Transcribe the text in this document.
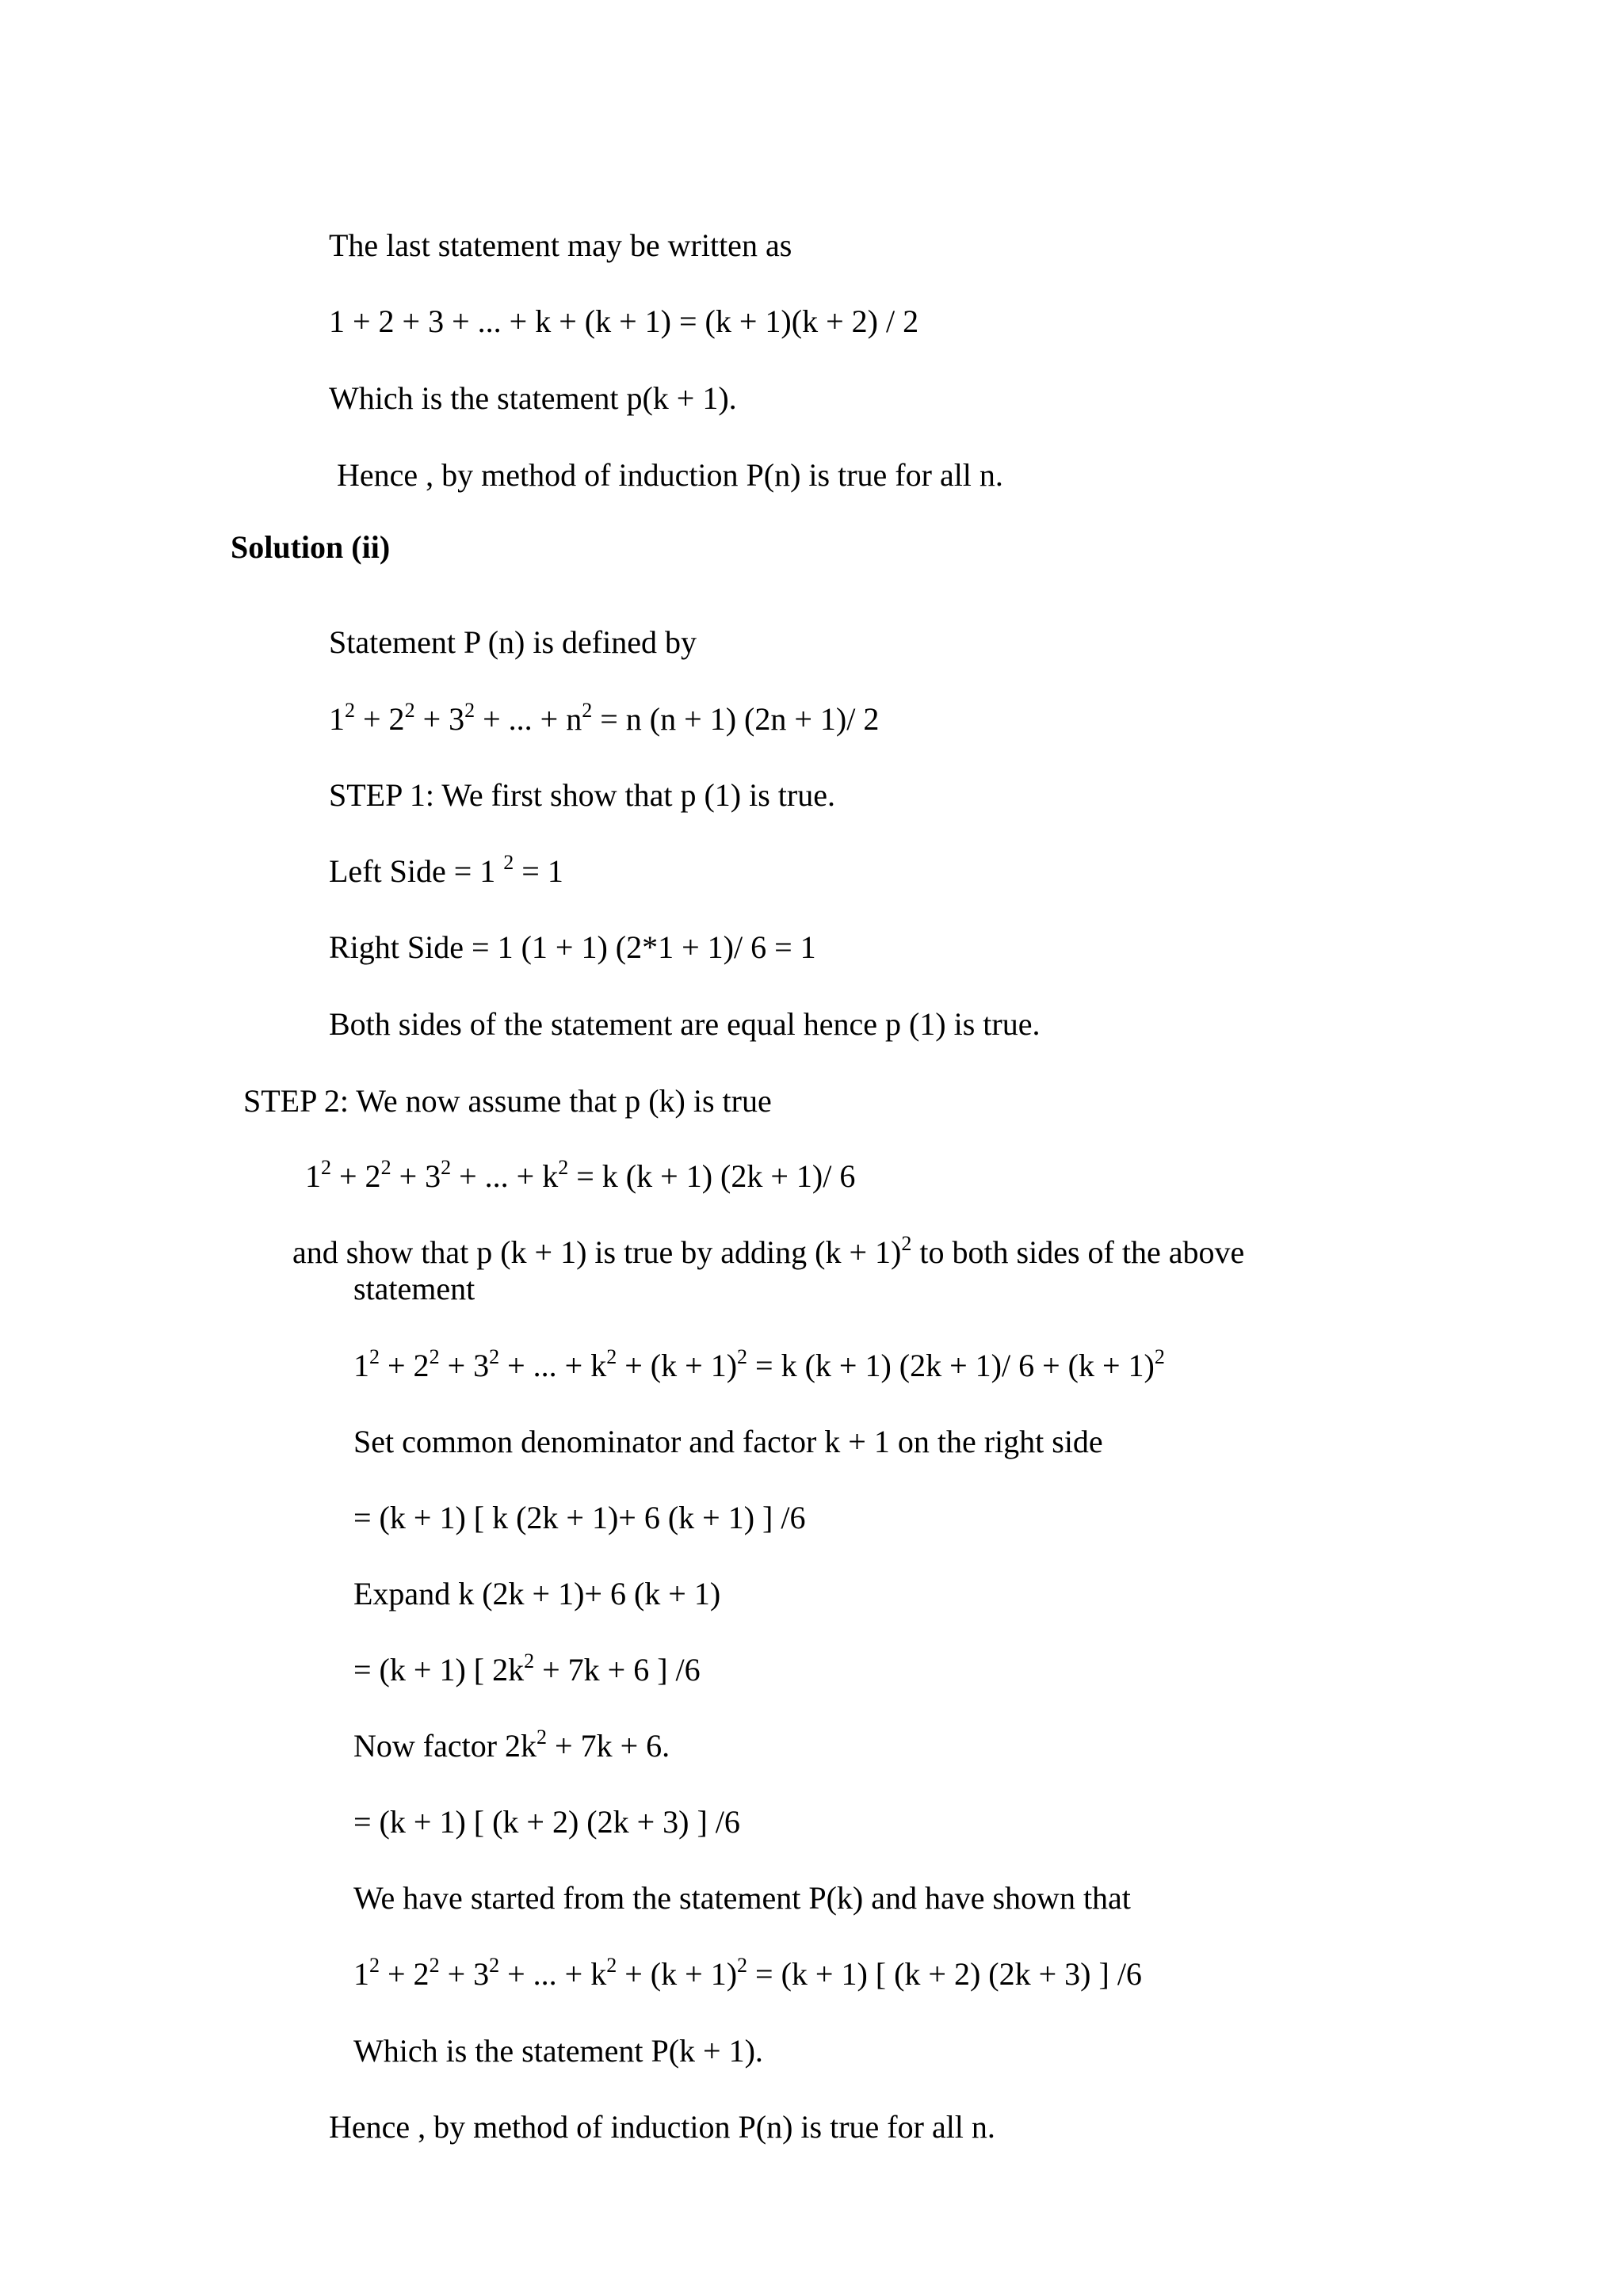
The last statement may be written as
1 + 2 + 3 + ... + k + (k + 1) = (k + 1)(k + 2) / 2
Which is the statement p(k + 1).
Hence , by method of induction P(n) is true for all n.
Solution (ii)
Statement P (n) is defined by
$1^2 + 2^2 + 3^2$ + ... + $n^2 = n$ (n + 1) (2n + 1)/ 2
STEP 1: We first show that p (1) is true.
Left Side = 1 $^2$ = 1
Right Side = 1 (1 + 1) (2*1 + 1)/ 6 = 1
Both sides of the statement are equal hence p (1) is true.
STEP 2: We now assume that p (k) is true
$1^2 + 2^2 + 3^2$ + ... + $k^2 = k$ (k + 1) (2k + 1)/ 6
and show that p (k + 1) is true by adding $(k + 1)^2$ to both sides of the above
statement
$1^2 + 2^2 + 3^2$ + ... + $k^2 + (k + 1)^2 = k$ (k + 1) (2k + 1)/ $6 + (k + 1)^2$
Set common denominator and factor k + 1 on the right side
= (k + 1) [ k (2k + 1)+ 6 (k + 1) ] /6
Expand k (2k + 1)+ 6 (k + 1)
= (k + 1) [ $2k^2 + 7k + 6$ ] /6
Now factor $2k^2 + 7k + 6$.
= (k + 1) [ (k + 2) (2k + 3) ] /6
We have started from the statement P(k) and have shown that
$1^2 + 2^2 + 3^2$ + ... + $k^2 + (k + 1)^2 = (k + 1)$ [ (k + 2) (2k + 3) ] /6
Which is the statement P(k + 1).
Hence , by method of induction P(n) is true for all n.
